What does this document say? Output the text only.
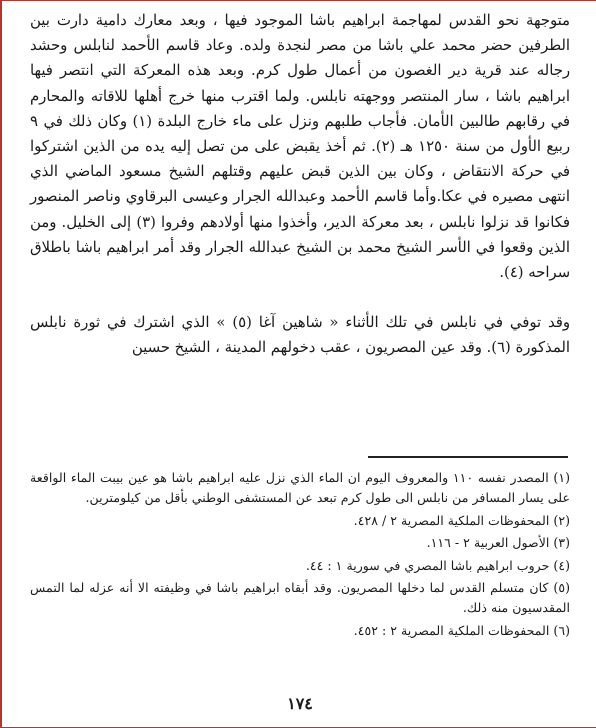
متوجهة نحو القدس لمهاجمة ابراهيم باشا الموجود فيها ، وبعد معارك دامية دارت بين الطرفين حضر محمد علي باشا من مصر لنجدة ولده. وعاد قاسم الأحمد لنابلس وحشد رجاله عند قرية دير الغصون من أعمال طول كرم. وبعد هذه المعركة التي انتصر فيها ابراهيم باشا ، سار المنتصر ووجهته نابلس. ولما اقترب منها خرج أهلها للاقاته والمحارم في رقابهم طالبين الأمان. فأجاب طلبهم ونزل على ماء خارج البلدة (١) وكان ذلك في ٩ ربيع الأول من سنة ١٢٥٠ هـ (٢). ثم أخذ يقبض على من تصل إليه يده من الذين اشتركوا في حركة الانتقاض ، وكان بين الذين قبض عليهم وقتلهم الشيخ مسعود الماضي الذي انتهى مصيره في عكا.وأما قاسم الأحمد وعبدالله الجرار وعيسى البرقاوي وناصر المنصور فكانوا قد نزلوا نابلس ، بعد معركة الدير، وأخذوا منها أولادهم وفروا (٣) إلى الخليل. ومن الذين وقعوا في الأسر الشيخ محمد بن الشيخ عبدالله الجرار وقد أمر ابراهيم باشا باطلاق سراحه (٤).

وقد توفي في نابلس في تلك الأثناء « شاهين آغا (٥) » الذي اشترك في ثورة نابلس المذكورة (٦). وقد عين المصريون ، عقب دخولهم المدينة ، الشيخ حسين

(١) المصدر نفسه ١١٠ والمعروف اليوم ان الماء الذي نزل عليه ابراهيم باشا هو عين بيبت الماء الواقعة على يسار المسافر من نابلس الى طول كرم تبعد عن المستشفى الوطني بأقل من كيلومترين.

(٢) المحفوظات الملكية المصرية ٢ / ٤٢٨.

(٣) الأصول العربية ٢ - ١١٦.

(٤) حروب ابراهيم باشا المصري في سورية ١ : ٤٤.

(٥) كان متسلم القدس لما دخلها المصريون. وقد أبقاه ابراهيم باشا في وظيفته الا أنه عزله لما التمس المقدسيون منه ذلك.

(٦) المحفوظات الملكية المصرية ٢ : ٤٥٢.

١٧٤
